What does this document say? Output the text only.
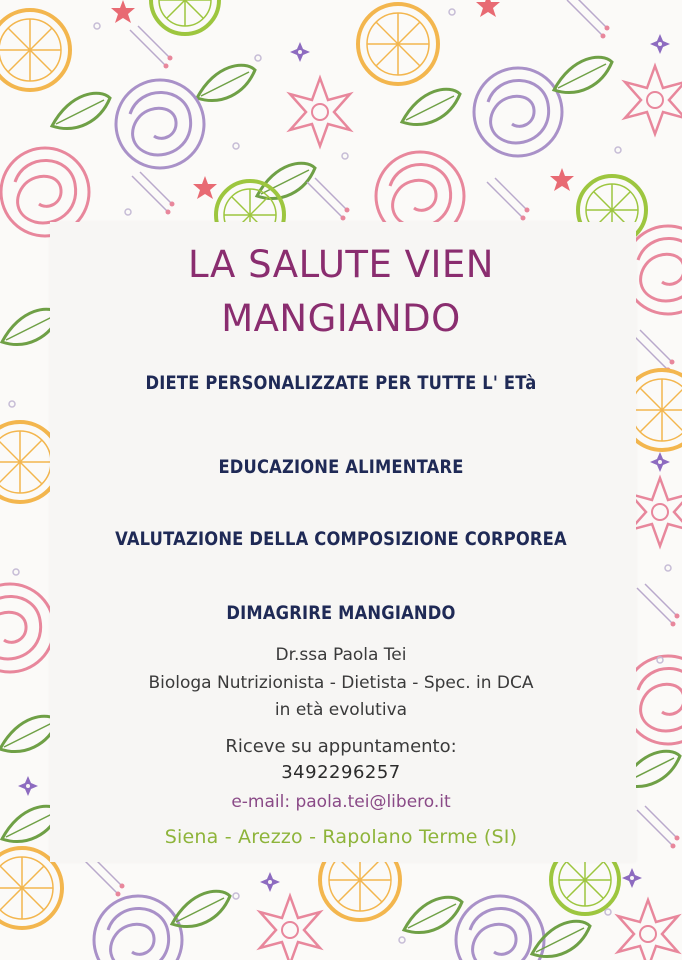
LA SALUTE VIEN
MANGIANDO
DIETE PERSONALIZZATE PER TUTTE L' ETà
EDUCAZIONE ALIMENTARE
VALUTAZIONE DELLA COMPOSIZIONE CORPOREA
DIMAGRIRE MANGIANDO
Dr.ssa Paola Tei
Biologa Nutrizionista - Dietista - Spec. in DCA
in età evolutiva
Riceve su appuntamento:
3492296257
e-mail: paola.tei@libero.it
Siena - Arezzo - Rapolano Terme (SI)
